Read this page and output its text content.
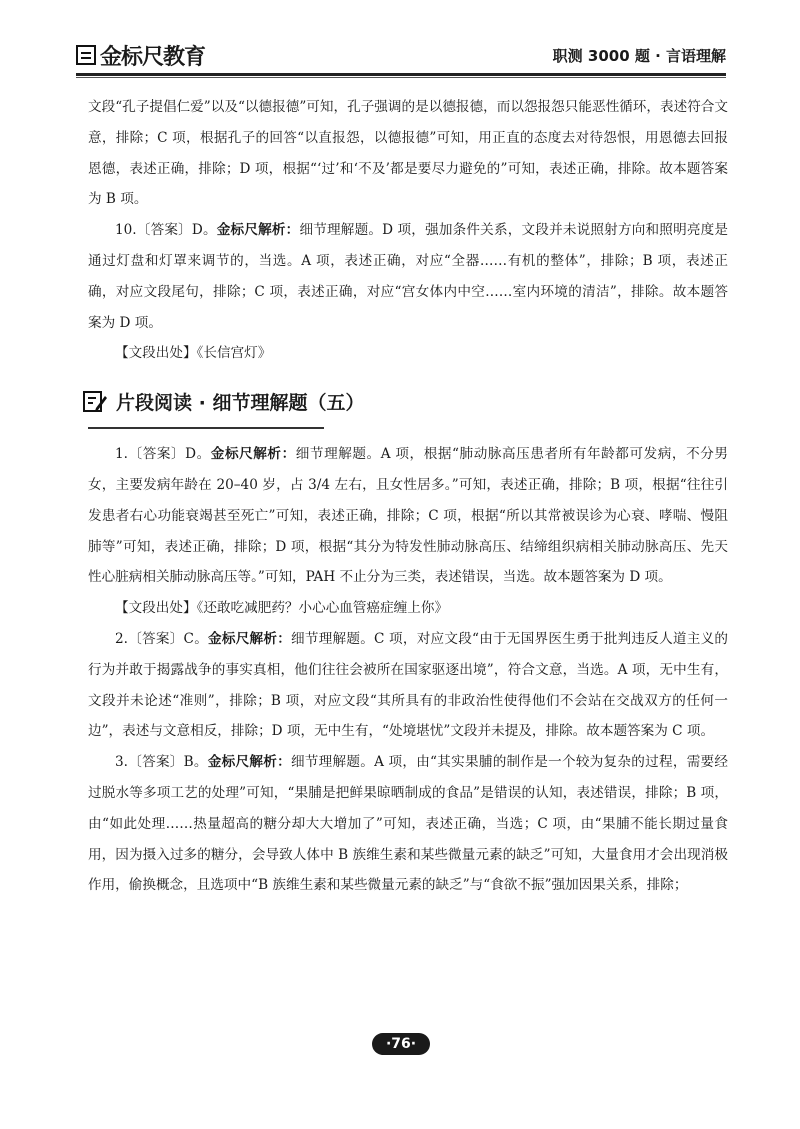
金标尺教育	职测 3000 题 · 言语理解

文段“孔子提倡仁爱”以及“以德报德”可知，孔子强调的是以德报德，而以怨报怨只能恶性循环，表述符合文意，排除；C 项，根据孔子的回答“以直报怨，以德报德”可知，用正直的态度去对待怨恨，用恩德去回报恩德，表述正确，排除；D 项，根据“‘过’和‘不及’都是要尽力避免的”可知，表述正确，排除。故本题答案为 B 项。

10.〔答案〕D。金标尺解析：细节理解题。D 项，强加条件关系，文段并未说照射方向和照明亮度是通过灯盘和灯罩来调节的，当选。A 项，表述正确，对应“全器……有机的整体”，排除；B 项，表述正确，对应文段尾句，排除；C 项，表述正确，对应“宫女体内中空……室内环境的清洁”，排除。故本题答案为 D 项。

【文段出处】《长信宫灯》

片段阅读 · 细节理解题（五）

1.〔答案〕D。金标尺解析：细节理解题。A 项，根据“肺动脉高压患者所有年龄都可发病，不分男女，主要发病年龄在 20–40 岁，占 3/4 左右，且女性居多。”可知，表述正确，排除；B 项，根据“往往引发患者右心功能衰竭甚至死亡”可知，表述正确，排除；C 项，根据“所以其常被误诊为心衰、哮喘、慢阻肺等”可知，表述正确，排除；D 项，根据“其分为特发性肺动脉高压、结缔组织病相关肺动脉高压、先天性心脏病相关肺动脉高压等。”可知，PAH 不止分为三类，表述错误，当选。故本题答案为 D 项。

【文段出处】《还敢吃减肥药？小心心血管癌症缠上你》

2.〔答案〕C。金标尺解析：细节理解题。C 项，对应文段“由于无国界医生勇于批判违反人道主义的行为并敢于揭露战争的事实真相，他们往往会被所在国家驱逐出境”，符合文意，当选。A 项，无中生有，文段并未论述“准则”，排除；B 项，对应文段“其所具有的非政治性使得他们不会站在交战双方的任何一边”，表述与文意相反，排除；D 项，无中生有，“处境堪忧”文段并未提及，排除。故本题答案为 C 项。

3.〔答案〕B。金标尺解析：细节理解题。A 项，由“其实果脯的制作是一个较为复杂的过程，需要经过脱水等多项工艺的处理”可知，“果脯是把鲜果晾晒制成的食品”是错误的认知，表述错误，排除；B 项，由“如此处理……热量超高的糖分却大大增加了”可知，表述正确，当选；C 项，由“果脯不能长期过量食用，因为摄入过多的糖分，会导致人体中 B 族维生素和某些微量元素的缺乏”可知，大量食用才会出现消极作用，偷换概念，且选项中“B 族维生素和某些微量元素的缺乏”与“食欲不振”强加因果关系，排除；

·76·
